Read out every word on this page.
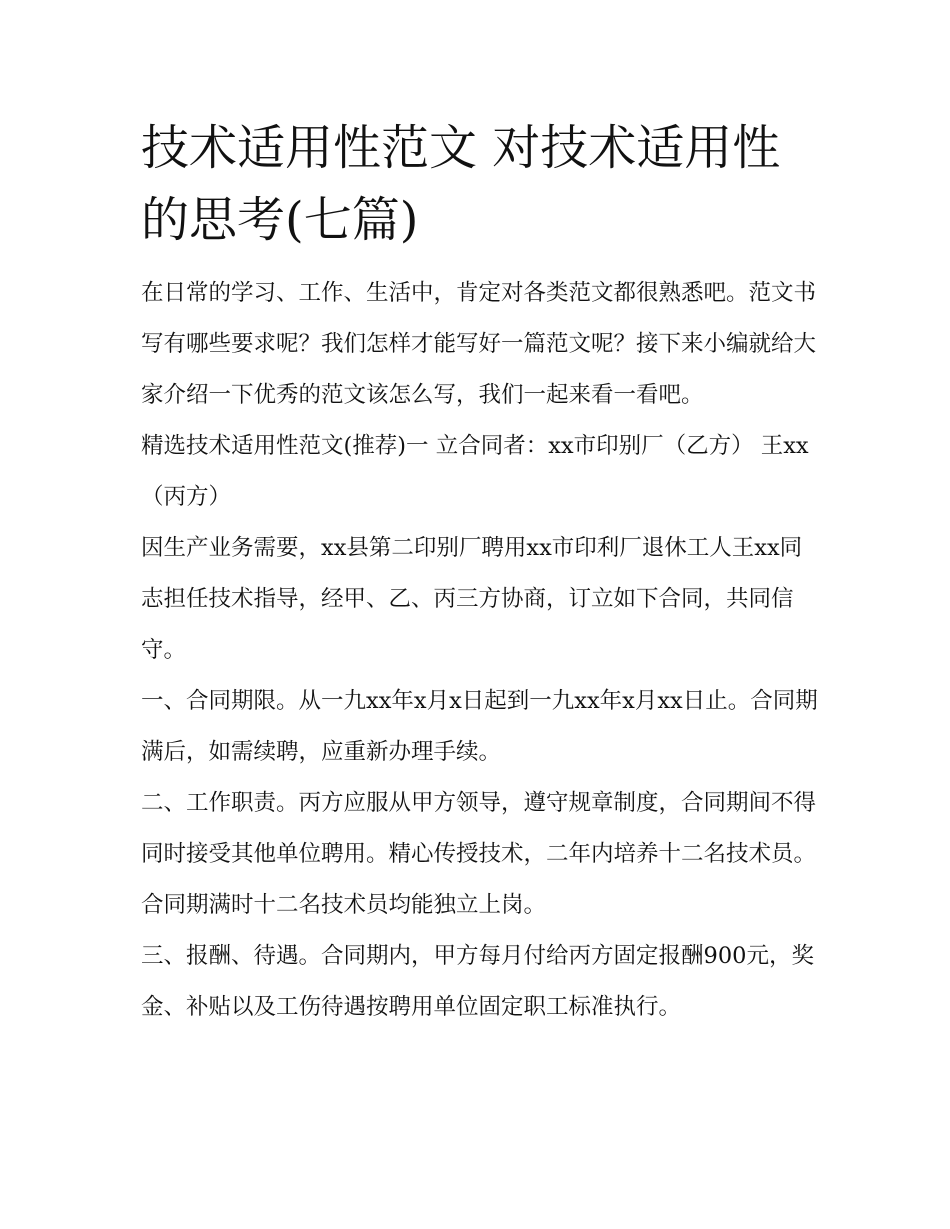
技术适用性范文 对技术适用性的思考(七篇)

在日常的学习、工作、生活中，肯定对各类范文都很熟悉吧。范文书写有哪些要求呢？我们怎样才能写好一篇范文呢？接下来小编就给大家介绍一下优秀的范文该怎么写，我们一起来看一看吧。

精选技术适用性范文(推荐)一 立合同者：xx市印别厂（乙方） 王xx（丙方）

因生产业务需要，xx县第二印别厂聘用xx市印利厂退休工人王xx同志担任技术指导，经甲、乙、丙三方协商，订立如下合同，共同信守。

一、合同期限。从一九xx年x月x日起到一九xx年x月xx日止。合同期满后，如需续聘，应重新办理手续。

二、工作职责。丙方应服从甲方领导，遵守规章制度，合同期间不得同时接受其他单位聘用。精心传授技术，二年内培养十二名技术员。合同期满时十二名技术员均能独立上岗。

三、报酬、待遇。合同期内，甲方每月付给丙方固定报酬900元，奖金、补贴以及工伤待遇按聘用单位固定职工标准执行。
